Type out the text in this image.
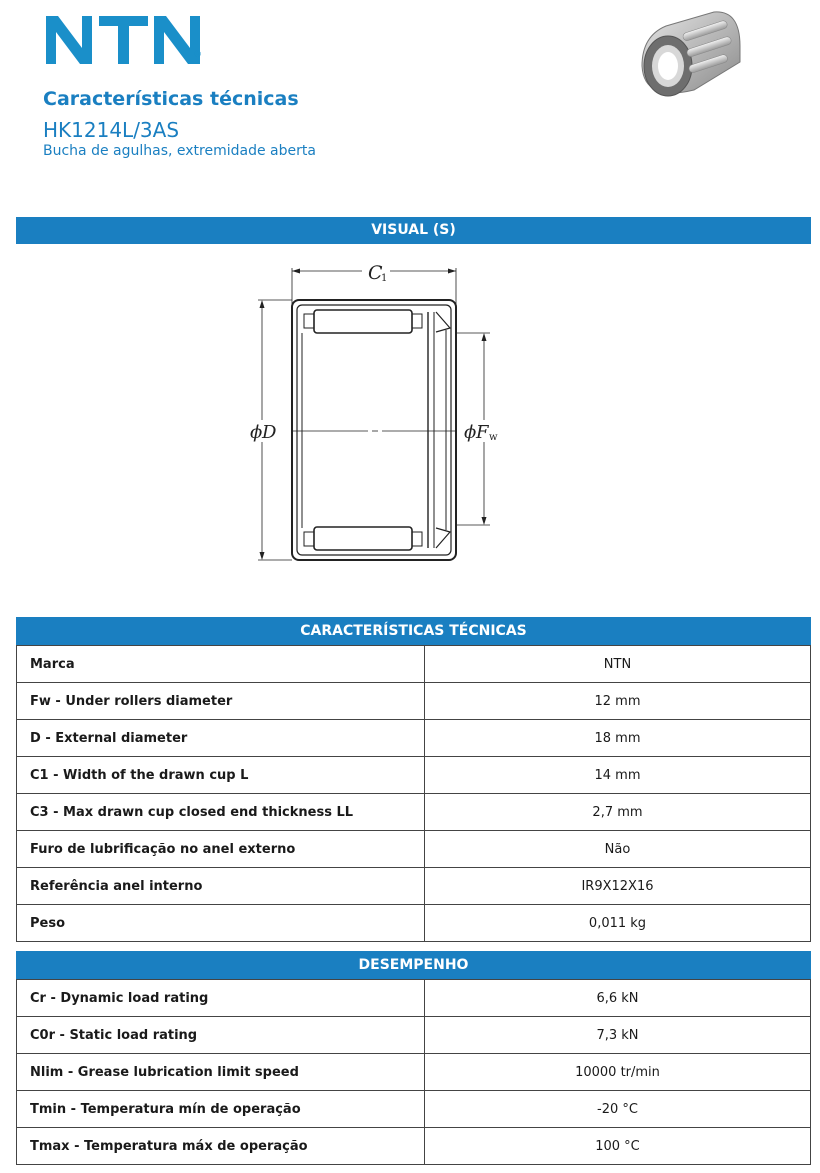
®
Características técnicas
HK1214L/3AS
Bucha de agulhas, extremidade aberta
VISUAL (S)
C
1
ϕ D	ϕ F w
CARACTERÍSTICAS TÉCNICAS
Marca	NTN
Fw - Under rollers diameter	12 mm
D - External diameter	18 mm
C1 - Width of the drawn cup L	14 mm
C3 - Max drawn cup closed end thickness LL	2,7 mm
Furo de lubrificação no anel externo	Não
Referência anel interno	IR9X12X16
Peso	0,011 kg
DESEMPENHO
Cr - Dynamic load rating	6,6 kN
C0r - Static load rating	7,3 kN
Nlim - Grease lubrication limit speed	10000 tr/min
Tmin - Temperatura mín de operação	-20 °C
Tmax - Temperatura máx de operação	100 °C
